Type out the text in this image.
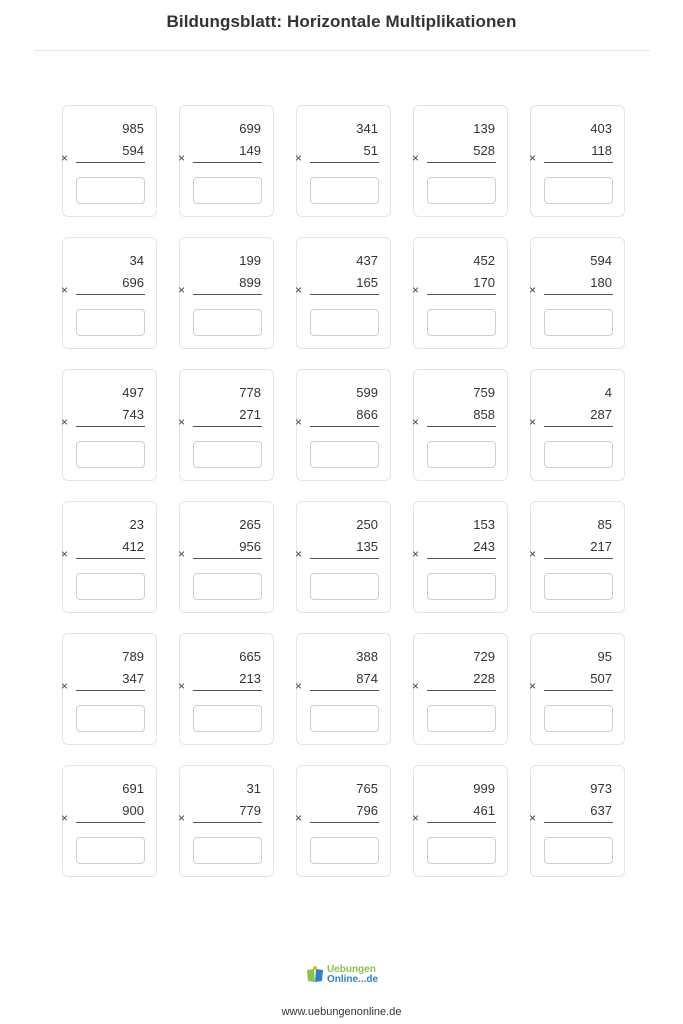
Bildungsblatt: Horizontale Multiplikationen
985
594
×
699
149
×
341
51
×
139
528
×
403
118
×
34
696
×
199
899
×
437
165
×
452
170
×
594
180
×
497
743
×
778
271
×
599
866
×
759
858
×
4
287
×
23
412
×
265
956
×
250
135
×
153
243
×
85
217
×
789
347
×
665
213
×
388
874
×
729
228
×
95
507
×
691
900
×
31
779
×
765
796
×
999
461
×
973
637
×
Uebungen
Online...de
www.uebungenonline.de
